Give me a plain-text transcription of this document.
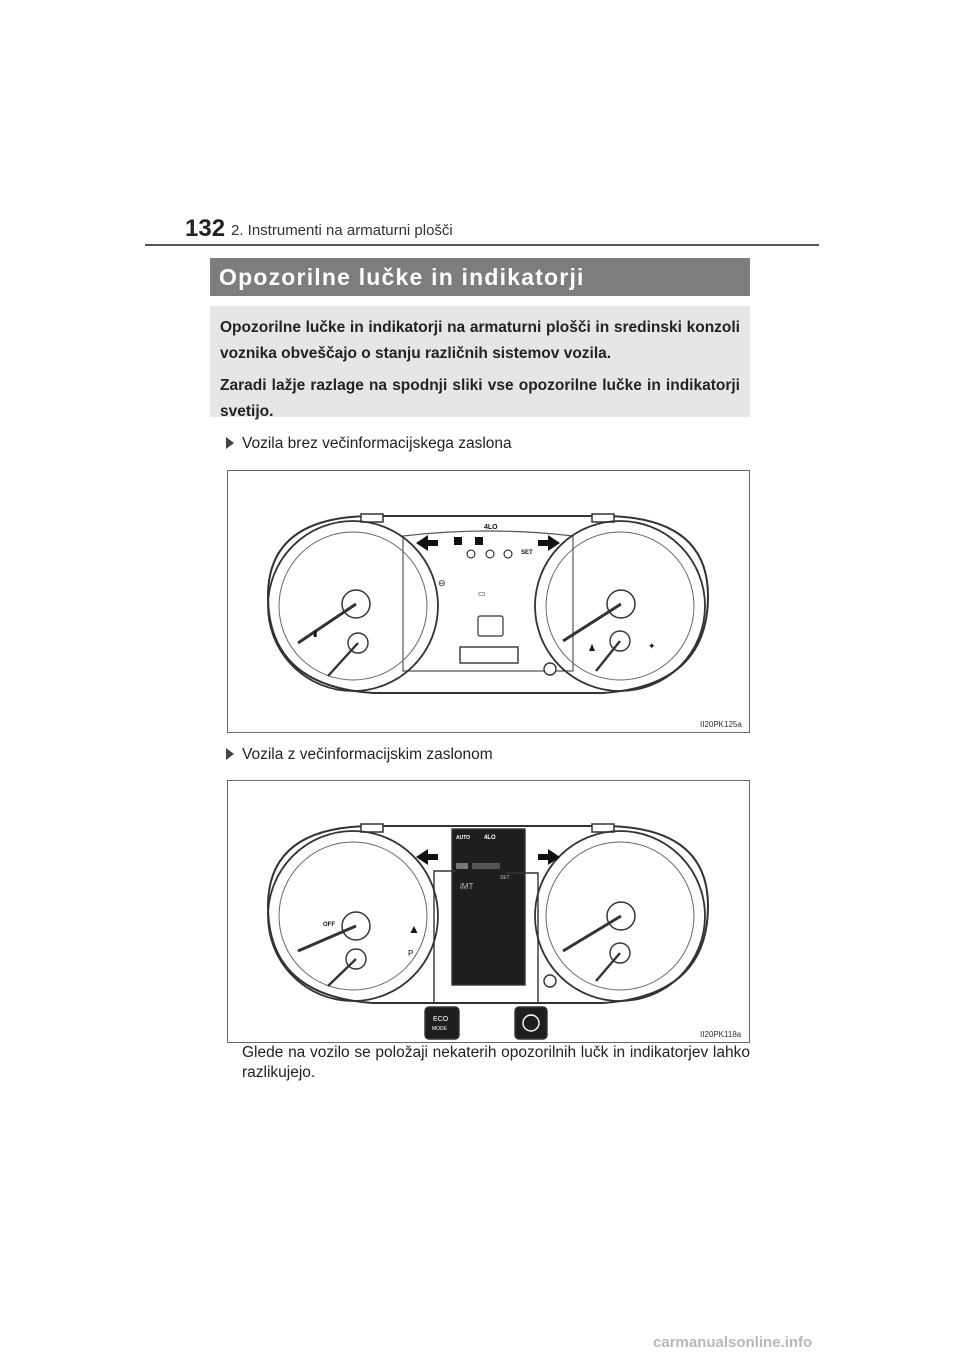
132 2. Instrumenti na armaturni plošči
Opozorilne lučke in indikatorji

Opozorilne lučke in indikatorji na armaturni plošči in sredinski konzoli voznika obveščajo o stanju različnih sistemov vozila.

Zaradi lažje razlage na spodnji sliki vse opozorilne lučke in indikatorji svetijo.

Vozila brez večinformacijskega zaslona
4LO
SET
⊖
▭
♟	✦
▮
II20PK125a
Vozila z večinformacijskim zaslonom
AUTO 4LO
iMT
SET
▲
P
OFF
ECO
MODE
II20PK118a
Glede na vozilo se položaji nekaterih opozorilnih lučk in indikatorjev lahko razlikujejo.
carmanualsonline.info
